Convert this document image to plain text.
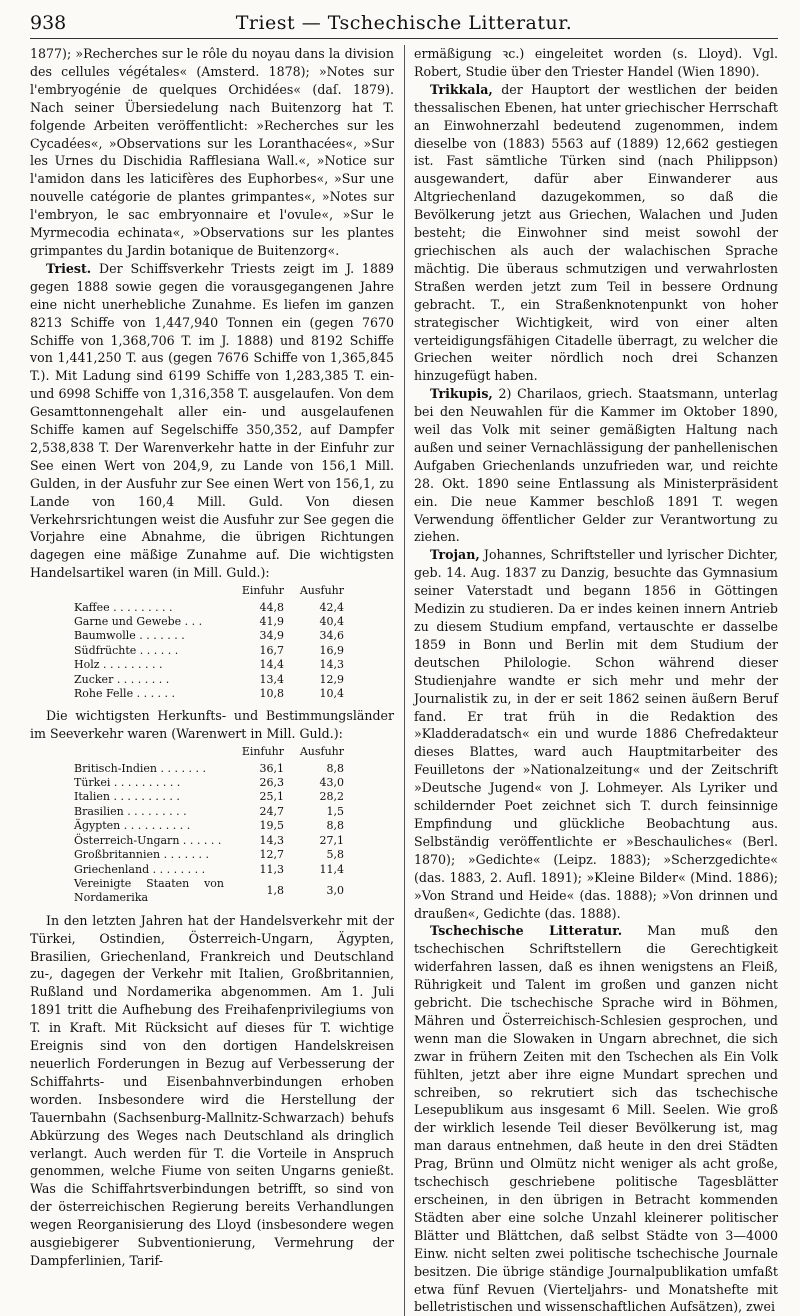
938	Triest — Tschechische Litteratur.

1877); »Recherches sur le rôle du noyau dans la division des cellules végétales« (Amsterd. 1878); »Notes sur l'embryogénie de quelques Orchidées« (daſ. 1879). Nach seiner Übersiedelung nach Buitenzorg hat T. folgende Arbeiten veröffentlicht: »Recherches sur les Cycadées«, »Observations sur les Loranthacées«, »Sur les Urnes du Dischidia Rafflesiana Wall.«, »Notice sur l'amidon dans les laticifères des Euphorbes«, »Sur une nouvelle catégorie de plantes grimpantes«, »Notes sur l'embryon, le sac embryonnaire et l'ovule«, »Sur le Myrmecodia echinata«, »Observations sur les plantes grimpantes du Jardin botanique de Buitenzorg«.

Triest. Der Schiffsverkehr Triests zeigt im J. 1889 gegen 1888 sowie gegen die vorausgegangenen Jahre eine nicht unerhebliche Zunahme. Es liefen im ganzen 8213 Schiffe von 1,447,940 Tonnen ein (gegen 7670 Schiffe von 1,368,706 T. im J. 1888) und 8192 Schiffe von 1,441,250 T. aus (gegen 7676 Schiffe von 1,365,845 T.). Mit Ladung sind 6199 Schiffe von 1,283,385 T. ein- und 6998 Schiffe von 1,316,358 T. ausgelaufen. Von dem Gesamttonnengehalt aller ein- und ausgelaufenen Schiffe kamen auf Segelschiffe 350,352, auf Dampfer 2,538,838 T. Der Warenverkehr hatte in der Einfuhr zur See einen Wert von 204,9, zu Lande von 156,1 Mill. Gulden, in der Ausfuhr zur See einen Wert von 156,1, zu Lande von 160,4 Mill. Guld. Von diesen Verkehrsrichtungen weist die Ausfuhr zur See gegen die Vorjahre eine Abnahme, die übrigen Richtungen dagegen eine mäßige Zunahme auf. Die wichtigsten Handelsartikel waren (in Mill. Guld.):

	Einfuhr	Ausfuhr
Kaffee . . . . . . . . .	44,8	42,4
Garne und Gewebe . . .	41,9	40,4
Baumwolle . . . . . . .	34,9	34,6
Südfrüchte . . . . . .	16,7	16,9
Holz . . . . . . . . .	14,4	14,3
Zucker . . . . . . . .	13,4	12,9
Rohe Felle . . . . . .	10,8	10,4

Die wichtigsten Herkunfts- und Bestimmungsländer im Seeverkehr waren (Warenwert in Mill. Guld.):

	Einfuhr	Ausfuhr
Britisch-Indien . . . . . . .	36,1	8,8
Türkei . . . . . . . . . .	26,3	43,0
Italien . . . . . . . . . .	25,1	28,2
Brasilien . . . . . . . . .	24,7	1,5
Ägypten . . . . . . . . . .	19,5	8,8
Österreich-Ungarn . . . . . .	14,3	27,1
Großbritannien . . . . . . .	12,7	5,8
Griechenland . . . . . . . .	11,3	11,4
Vereinigte Staaten von Nordamerika	1,8	3,0

In den letzten Jahren hat der Handelsverkehr mit der Türkei, Ostindien, Österreich-Ungarn, Ägypten, Brasilien, Griechenland, Frankreich und Deutschland zu-, dagegen der Verkehr mit Italien, Großbritannien, Rußland und Nordamerika abgenommen. Am 1. Juli 1891 tritt die Aufhebung des Freihafenprivilegiums von T. in Kraft. Mit Rücksicht auf dieses für T. wichtige Ereignis sind von den dortigen Handelskreisen neuerlich Forderungen in Bezug auf Verbesserung der Schiffahrts- und Eisenbahnverbindungen erhoben worden. Insbesondere wird die Herstellung der Tauernbahn (Sachsenburg-Mallnitz-Schwarzach) behufs Abkürzung des Weges nach Deutschland als dringlich verlangt. Auch werden für T. die Vorteile in Anspruch genommen, welche Fiume von seiten Ungarns genießt. Was die Schiffahrtsverbindungen betrifft, so sind von der österreichischen Regierung bereits Verhandlungen wegen Reorganisierung des Lloyd (insbesondere wegen ausgiebigerer Subventionierung, Vermehrung der Dampferlinien, Tarif-

ermäßigung ꝛc.) eingeleitet worden (s. Lloyd). Vgl. Robert, Studie über den Triester Handel (Wien 1890).

Trikkala, der Hauptort der westlichen der beiden thessalischen Ebenen, hat unter griechischer Herrschaft an Einwohnerzahl bedeutend zugenommen, indem dieselbe von (1883) 5563 auf (1889) 12,662 gestiegen ist. Fast sämtliche Türken sind (nach Philippson) ausgewandert, dafür aber Einwanderer aus Altgriechenland dazugekommen, so daß die Bevölkerung jetzt aus Griechen, Walachen und Juden besteht; die Einwohner sind meist sowohl der griechischen als auch der walachischen Sprache mächtig. Die überaus schmutzigen und verwahrlosten Straßen werden jetzt zum Teil in bessere Ordnung gebracht. T., ein Straßenknotenpunkt von hoher strategischer Wichtigkeit, wird von einer alten verteidigungsfähigen Citadelle überragt, zu welcher die Griechen weiter nördlich noch drei Schanzen hinzugefügt haben.

Trikupis, 2) Charilaos, griech. Staatsmann, unterlag bei den Neuwahlen für die Kammer im Oktober 1890, weil das Volk mit seiner gemäßigten Haltung nach außen und seiner Vernachlässigung der panhellenischen Aufgaben Griechenlands unzufrieden war, und reichte 28. Okt. 1890 seine Entlassung als Ministerpräsident ein. Die neue Kammer beschloß 1891 T. wegen Verwendung öffentlicher Gelder zur Verantwortung zu ziehen.

Trojan, Johannes, Schriftsteller und lyrischer Dichter, geb. 14. Aug. 1837 zu Danzig, besuchte das Gymnasium seiner Vaterstadt und begann 1856 in Göttingen Medizin zu studieren. Da er indes keinen innern Antrieb zu diesem Studium empfand, vertauschte er dasselbe 1859 in Bonn und Berlin mit dem Studium der deutschen Philologie. Schon während dieser Studienjahre wandte er sich mehr und mehr der Journalistik zu, in der er seit 1862 seinen äußern Beruf fand. Er trat früh in die Redaktion des »Kladderadatsch« ein und wurde 1886 Chefredakteur dieses Blattes, ward auch Hauptmitarbeiter des Feuilletons der »Nationalzeitung« und der Zeitschrift »Deutsche Jugend« von J. Lohmeyer. Als Lyriker und schildernder Poet zeichnet sich T. durch feinsinnige Empfindung und glückliche Beobachtung aus. Selbständig veröffentlichte er »Beschauliches« (Berl. 1870); »Gedichte« (Leipz. 1883); »Scherzgedichte« (das. 1883, 2. Aufl. 1891); »Kleine Bilder« (Mind. 1886); »Von Strand und Heide« (das. 1888); »Von drinnen und draußen«, Gedichte (das. 1888).

Tschechische Litteratur. Man muß den tschechischen Schriftstellern die Gerechtigkeit widerfahren lassen, daß es ihnen wenigstens an Fleiß, Rührigkeit und Talent im großen und ganzen nicht gebricht. Die tschechische Sprache wird in Böhmen, Mähren und Österreichisch-Schlesien gesprochen, und wenn man die Slowaken in Ungarn abrechnet, die sich zwar in frühern Zeiten mit den Tschechen als Ein Volk fühlten, jetzt aber ihre eigne Mundart sprechen und schreiben, so rekrutiert sich das tschechische Lesepublikum aus insgesamt 6 Mill. Seelen. Wie groß der wirklich lesende Teil dieser Bevölkerung ist, mag man daraus entnehmen, daß heute in den drei Städten Prag, Brünn und Olmütz nicht weniger als acht große, tschechisch geschriebene politische Tagesblätter erscheinen, in den übrigen in Betracht kommenden Städten aber eine solche Unzahl kleinerer politischer Blätter und Blättchen, daß selbst Städte von 3—4000 Einw. nicht selten zwei politische tschechische Journale besitzen. Die übrige ständige Journalpublikation umfaßt etwa fünf Revuen (Vierteljahrs- und Monatshefte mit belletristischen und wissenschaftlichen Aufsätzen), zwei
